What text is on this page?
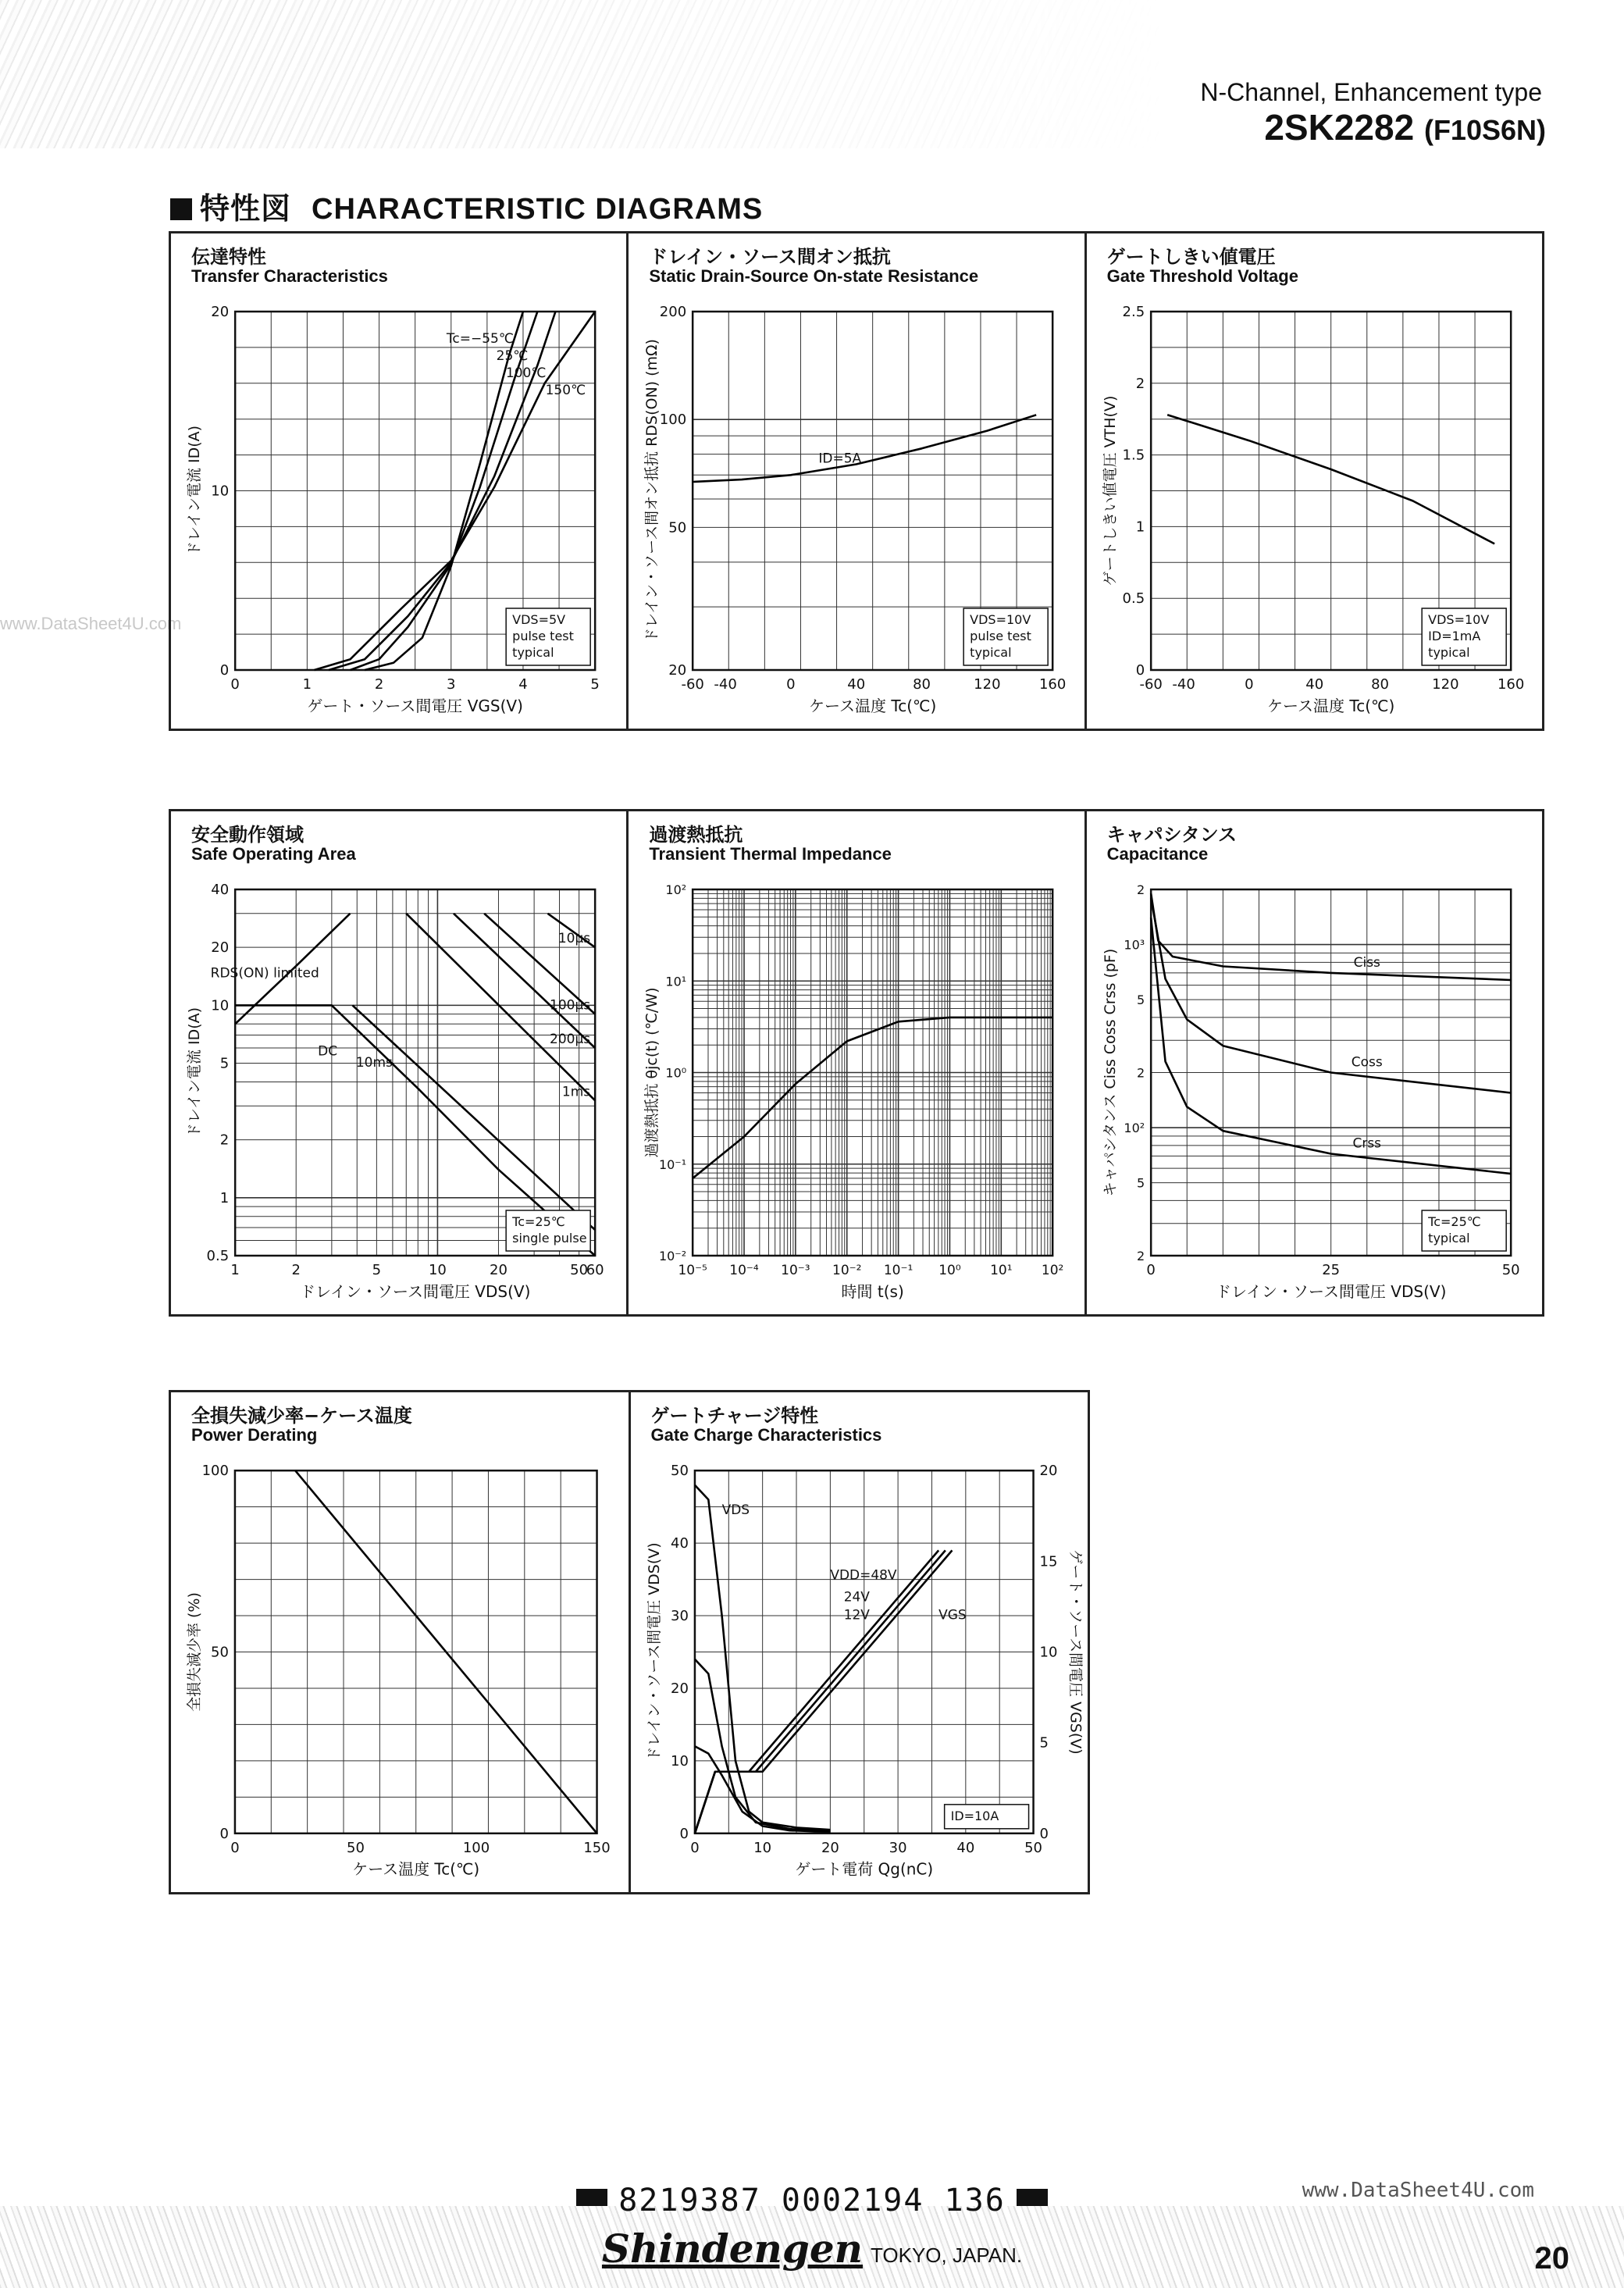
N-Channel, Enhancement type
2SK2282 (F10S6N)
特性図 CHARACTERISTIC DIAGRAMS
www.DataSheet4U.com
伝達特性
Transfer Characteristics
0	1	2	3	4	5
0
10
20
ゲート・ソース間電圧 VGS(V)
ドレイン電流 ID(A)
Tc=−55℃
25℃
100℃
150℃
VDS=5V
pulse test
typical
ドレイン・ソース間オン抵抗
Static Drain-Source On-state Resistance
-60 -40	0	40	80	120	160
20
50
100
200
ケース温度 Tc(℃)
ドレイン・ソース間オン抵抗 RDS(ON) (mΩ)	ID=5A
VDS=10V
pulse test
typical
ゲートしきい値電圧
Gate Threshold Voltage
-60 -40	0	40	80	120	160
0
0.5
1
1.5
2
2.5
ケース温度 Tc(℃)
ゲートしきい値電圧 VTH(V)
VDS=10V
ID=1mA
typical
安全動作領域
Safe Operating Area
1	2	5	10	20	50
60
0.5
1
2
5
10
20
40
ドレイン・ソース間電圧 VDS(V)
ドレイン電流 ID(A)
RDS(ON) limited
10μs
100μs
200μs
1ms
10ms
DC
Tc=25℃
single pulse
過渡熱抵抗
Transient Thermal Impedance
10⁻⁵ 10⁻⁴ 10⁻³ 10⁻² 10⁻¹ 10⁰ 10¹ 10²
10⁻²
10⁻¹
10⁰
10¹
10²
時間 t(s)
過渡熱抵抗 θjc(t) (℃/W)
キャパシタンス
Capacitance
0	25	50
2
5
10²
2
5
10³
2
ドレイン・ソース間電圧 VDS(V)
キャパシタンス Ciss Coss Crss (pF)	Ciss
Coss
Crss
Tc=25℃
typical
全損失減少率−ケース温度
Power Derating
0	50	100	150
0
50
100
ケース温度 Tc(℃)
全損失減少率 (%)
ゲートチャージ特性
Gate Charge Characteristics
0	10	20	30	40	50
0
10
20
30
40
50
0
5
10
15
20
ゲート電荷 Qg(nC)
ドレイン・ソース間電圧 VDS(V)	ゲート・ソース間電圧 VGS(V)
VDS
VDD=48V
24V
12V	VGS
ID=10A
8219387 0002194 136	www.DataSheet4U.com
Shindengen TOKYO, JAPAN.	20
